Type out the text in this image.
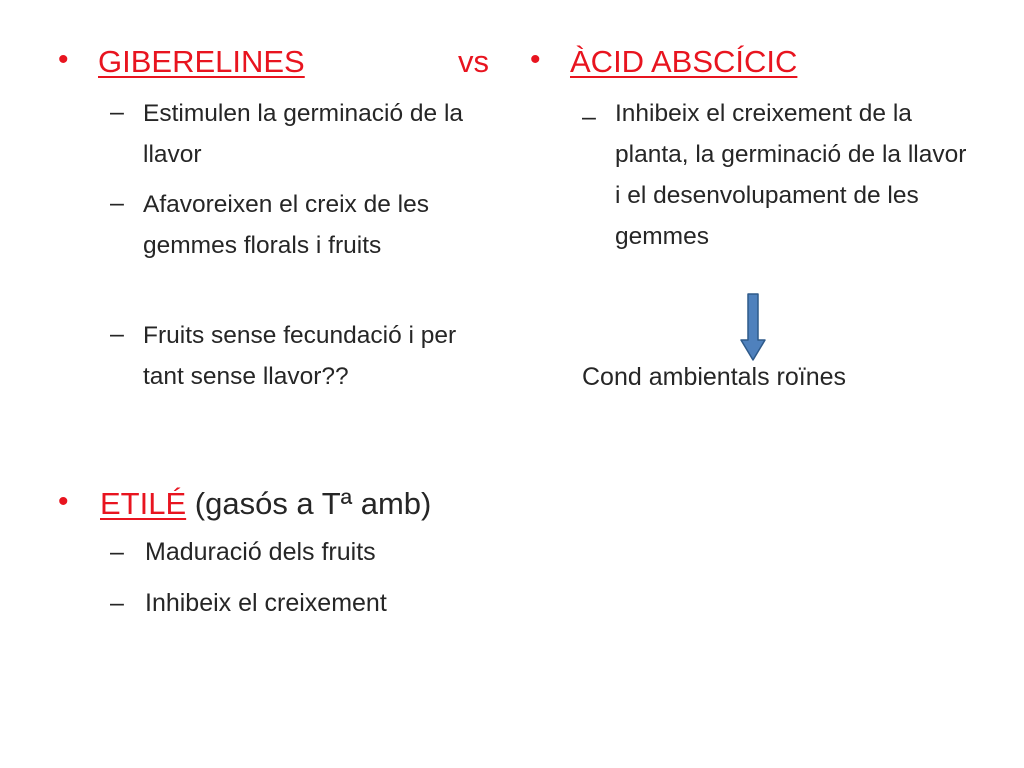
• GIBERELINES	vs
– Estimulen la germinació de la llavor
– Afavoreixen el creix de les gemmes florals i fruits
– Fruits sense fecundació i per tant sense llavor??
• ETILÉ (gasós a Tª amb)
– Maduració dels fruits
– Inhibeix el creixement
• ÀCID ABSCÍCIC
– Inhibeix el creixement de la planta, la germinació de la llavor i el desenvolupament de les gemmes
Cond ambientals roïnes
